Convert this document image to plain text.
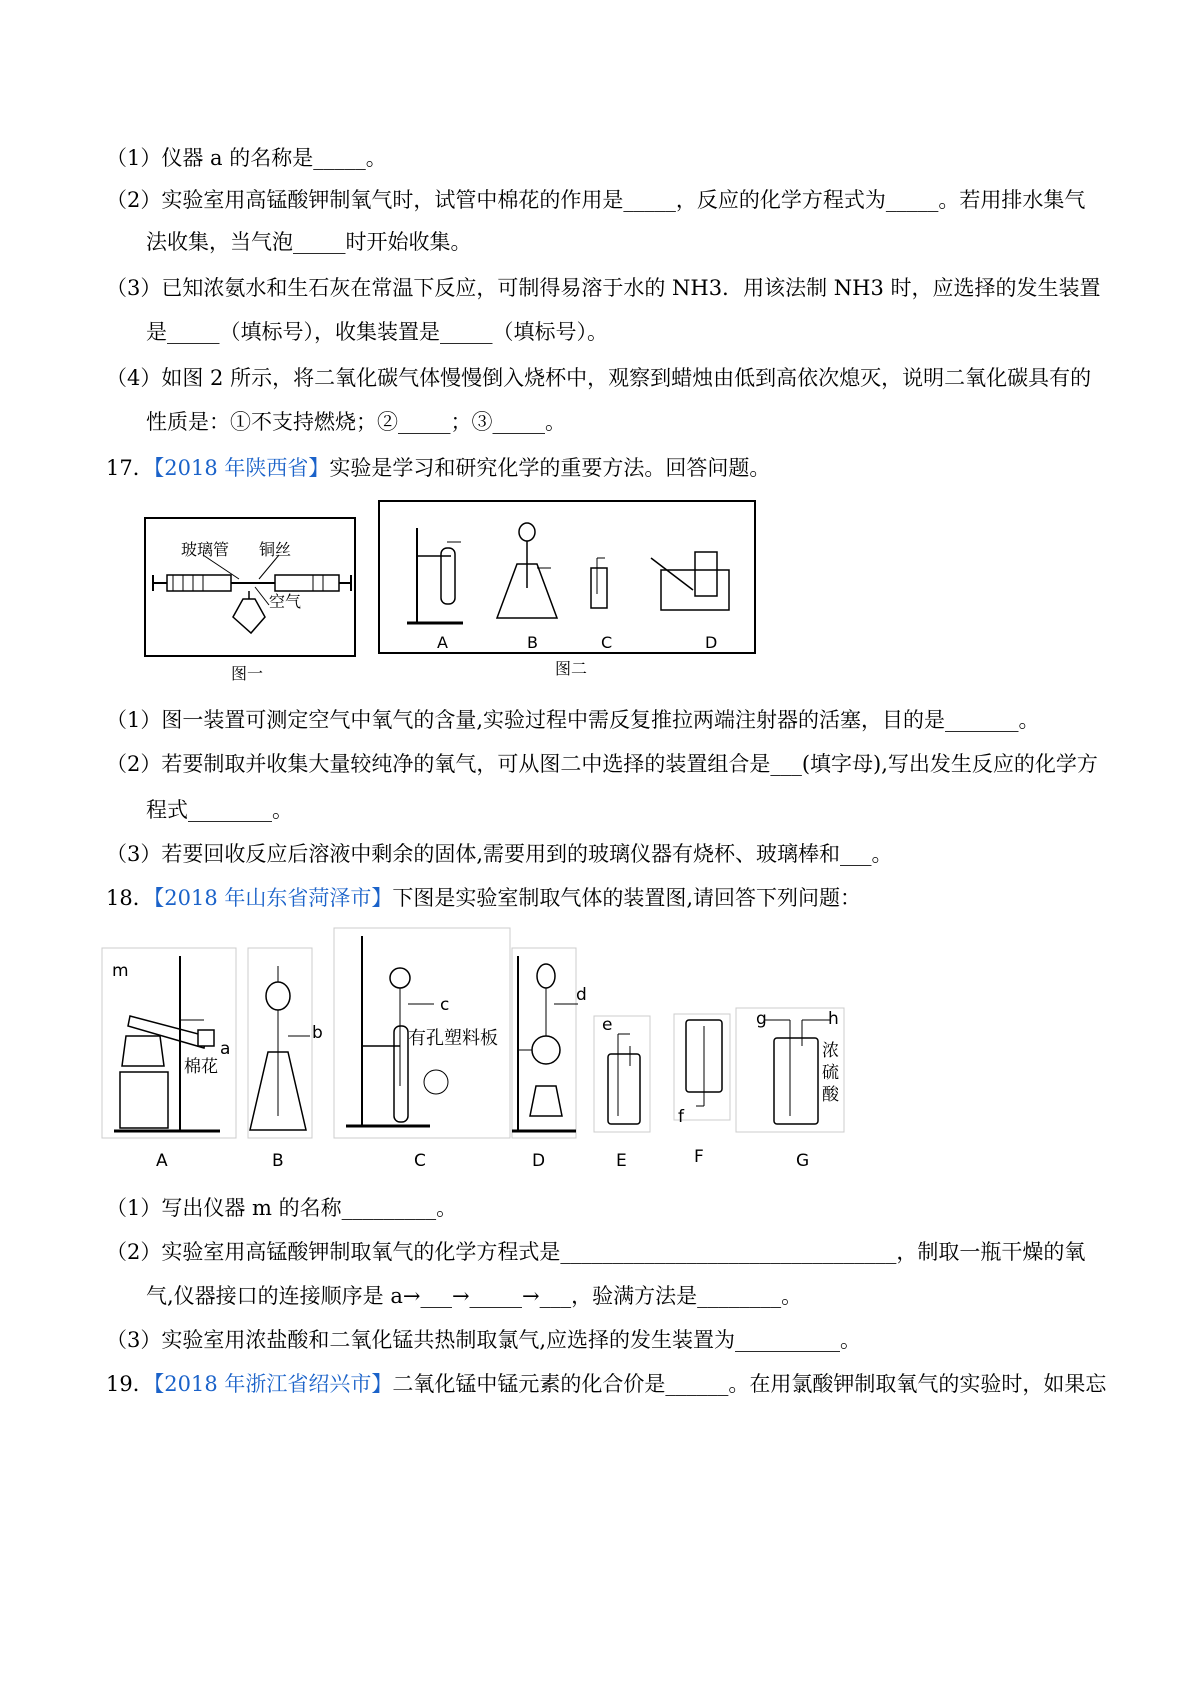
（1）仪器 a 的名称是_____。
（2）实验室用高锰酸钾制氧气时，试管中棉花的作用是_____，反应的化学方程式为_____。若用排水集气
法收集，当气泡_____时开始收集。
（3）已知浓氨水和生石灰在常温下反应，可制得易溶于水的 NH3．用该法制 NH3 时，应选择的发生装置
是_____（填标号），收集装置是_____（填标号）。
（4）如图 2 所示，将二氧化碳气体慢慢倒入烧杯中，观察到蜡烛由低到高依次熄灭，说明二氧化碳具有的
性质是：①不支持燃烧；②_____；③_____。
17．【2018 年陕西省】实验是学习和研究化学的重要方法。回答问题。
玻璃管 铜丝
空气
图一
A	B	C	D
图二
（1）图一装置可测定空气中氧气的含量,实验过程中需反复推拉两端注射器的活塞，目的是_______。
（2）若要制取并收集大量较纯净的氧气，可从图二中选择的装置组合是___(填字母),写出发生反应的化学方
程式________。
（3）若要回收反应后溶液中剩余的固体,需要用到的玻璃仪器有烧杯、玻璃棒和___。
18．【2018 年山东省菏泽市】下图是实验室制取气体的装置图,请回答下列问题：
m
a
棉花
A
b
B
c
有孔塑料板
C
d
D
e
E
f
F
g	h
浓
硫
酸
G
（1）写出仪器 m 的名称_________。
（2）实验室用高锰酸钾制取氧气的化学方程式是________________________________，制取一瓶干燥的氧
气,仪器接口的连接顺序是 a→___→_____→___，验满方法是________。
（3）实验室用浓盐酸和二氧化锰共热制取氯气,应选择的发生装置为__________。
19．【2018 年浙江省绍兴市】二氧化锰中锰元素的化合价是______。在用氯酸钾制取氧气的实验时，如果忘
